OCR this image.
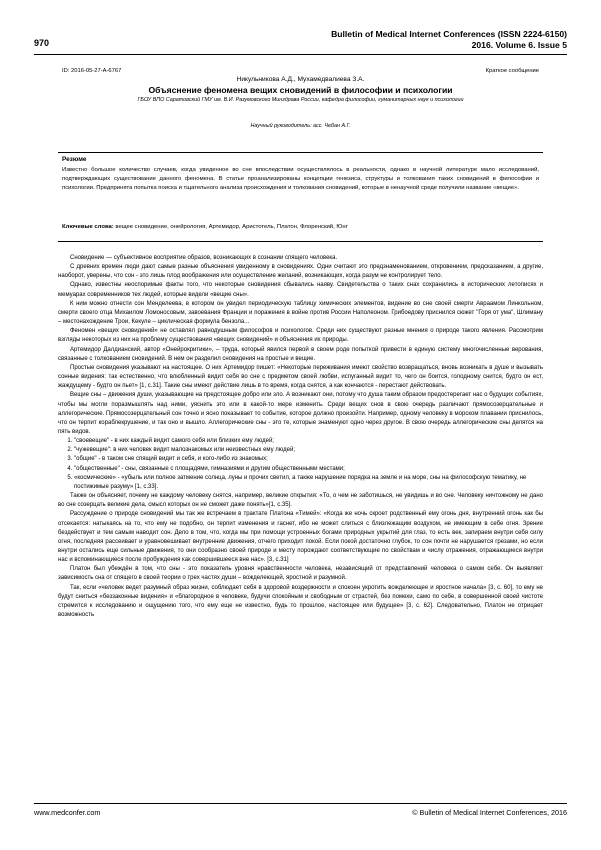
970
Bulletin of Medical Internet Conferences (ISSN 2224-6150)
2016. Volume 6. Issue 5
ID: 2016-05-27-A-6767	Краткое сообщение
Никульникова А.Д., Мухамедвалиева З.А.
Объяснение феномена вещих сновидений в философии и психологии
ГБОУ ВПО Саратовский ГМУ им. В.И. Разумовского Минздрава России, кафедра философии, гуманитарных наук и психологии
Научный руководитель: асс. Чебан А.Г.
Резюме
Известно большое количество случаев, когда увиденное во сне впоследствии осуществлялось в реальности, однако в научной литературе мало исследований, подтверждающих существование данного феномена. В статье проанализированы концепции генезиса, структуры и толкования таких сновидений в философии и психологии. Предпринята попытка поиска и тщательного анализа происхождения и толкования сновидений, которые в ненаучной среде получили название «вещие».
Ключевые слова: вещее сновидение, онейрология, Артемидор, Аристотель, Платон, Флоренский, Юнг

Сновидение — субъективное восприятие образов, возникающих в сознании спящего человека.

С древних времен люди дают самые разные объяснения увиденному в сновидениях. Одни считают это предзнаменованием, откровением, предсказанием, а другие, наоборот, уверены, что сон - это лишь плод воображения или осуществление желаний, возникающих, когда разум не контролирует тело.

Однако, известны неоспоримые факты того, что некоторые сновидения сбывались наяву. Свидетельства о таких снах сохранились в историческиx летописях и мемуарах современников тех людей, которые видели «вещие сны».

К ним можно отнести сон Менделеева, в котором он увидел периодическую таблицу химических элементов, видение во сне своей смерти Авраамом Линкольном, смерти своего отца Михаилом Ломоносовым, завоевания Франции и поражения в войне против России Наполеоном. Грибоедову приснился сюжет "Горя от ума", Шлиману – местонахождение Трои, Кекуле – циклическая формула бензола...

Феномен «вещих сновидений» не оставлял равнодушным философов и психологов. Среди них существуют разные мнения о природе такого явления. Рассмотрим взгляды некоторых из них на проблему существования «вещих сновидений» и объяснения их природы.

Артемидор Далдианский, автор «Онейрокритики», – труда, который явился первой в своем роде попыткой привести в единую систему многочисленные верования, связанные с толкованием сновидений. В нем он разделил сновидения на простые и вещие.

Простые сновидения указывают на настоящее. О них Артемидор пишет: «Некоторые переживания имеют свойство возвращаться, вновь возникать в душе и вызывать сонные видения: так естественно, что влюбленный видит себя во сне с предметом своей любви, испуганный видит то, чего он боится, голодному снится, будто он ест, жаждущему - будто он пьет» [1, с.31]. Такие сны имеют действие лишь в то время, когда снятся, а как кончаются - перестают действовать.

Вещие сны – движения души, указывающие на предстоящее добро или зло. А возникают они, потому что душа таким образом предостерегает нас о будущих событиях, чтобы мы могли поразмышлять над ними, уяснить это или в какой-то мере изменить. Среди вещих снов в свою очередь различают прямосозерцательные и аллегорические. Прямосозерцательный сон точно и ясно показывает то событие, которое должно произойти. Например, одному человеку в морском плавании приснилось, что он терпит кораблекрушение, и так оно и вышло. Аллегорические сны - это те, которые знаменуют одно через другое. В свою очередь аллегорические сны делятся на пять видов.

1. "своевещие" - в них каждый видит самого себя или близких ему людей;
2. "чужевещие": в них человек видит малознакомых или неизвестных ему людей;
3. "общие" - в таком сне спящий видит и себя, и кого-либо из знакомых;
4. "общественные" - сны, связанные с площадями, гимназиями и другим общественными местами;
5. «космические» - «убыль или полное затмение солнца, луны и прочих светил, а также нарушение порядка на земле и на море, сны на философскую тематику, не постижимые разуму» [1, с.33].

Также он объясняет, почему не каждому человеку снятся, например, великие открытия: «То, о чем не заботишься, не увидишь и во сне. Человеку ничтожному не дано во сне созерцать великие дела, смысл которых он не сможет даже понять»[1, с.35].

Рассуждение о природе сновидений мы так же встречаем в трактате Платона «Тимей»: «Когда же ночь скроет родственный ему огонь дня, внутренний огонь как бы отсекается: натыкаясь на то, что ему не подобно, он терпит изменения и гаснет, ибо не может слиться с близлежащим воздухом, не имеющим в себе огня. Зрение бездействует и тем самым наводит сон. Дело в том, что, когда мы при помощи устроенных богами природных укрытий для глаз, то есть век, запираем внутри себя силу огня, последняя рассеивает и уравновешивает внутренние движения, отчего приходит покой. Если покой достаточно глубок, то сон почти не нарушается грезами, но если внутри остались еще сильные движения, то они сообразно своей природе и месту порождают соответствующие по свойствам и числу отражения, отражающиеся внутри нас и вспоминающиеся после пробуждения как совершившееся вне нас». [3, с.31]

Платон был убеждён в том, что сны - это показатель уровня нравственности человека, независящий от представлений человека о самом себе. Он выявляет зависимость сна от спящего в своей теории о трех частях души – вожделеющей, яростной и разумной.

Так, если «человек ведет разумный образ жизни, соблюдает себя в здоровой воздержности и спокоен укротить вожделеющее и яростное начала» [3, с. 60], то ему не будут сниться «беззаконные видения» и «благородное в человеке, будучи спокойным и свободным от страстей, без помехи, само по себе, в совершенной своей чистоте стремится к исследованию и ощущению того, что ему еще не известно, будь то прошлое, настоящее или будущее» [3, с. 62]. Следовательно, Платон не отрицает возможность

www.medconfer.com	© Bulletin of Medical Internet Conferences, 2016
